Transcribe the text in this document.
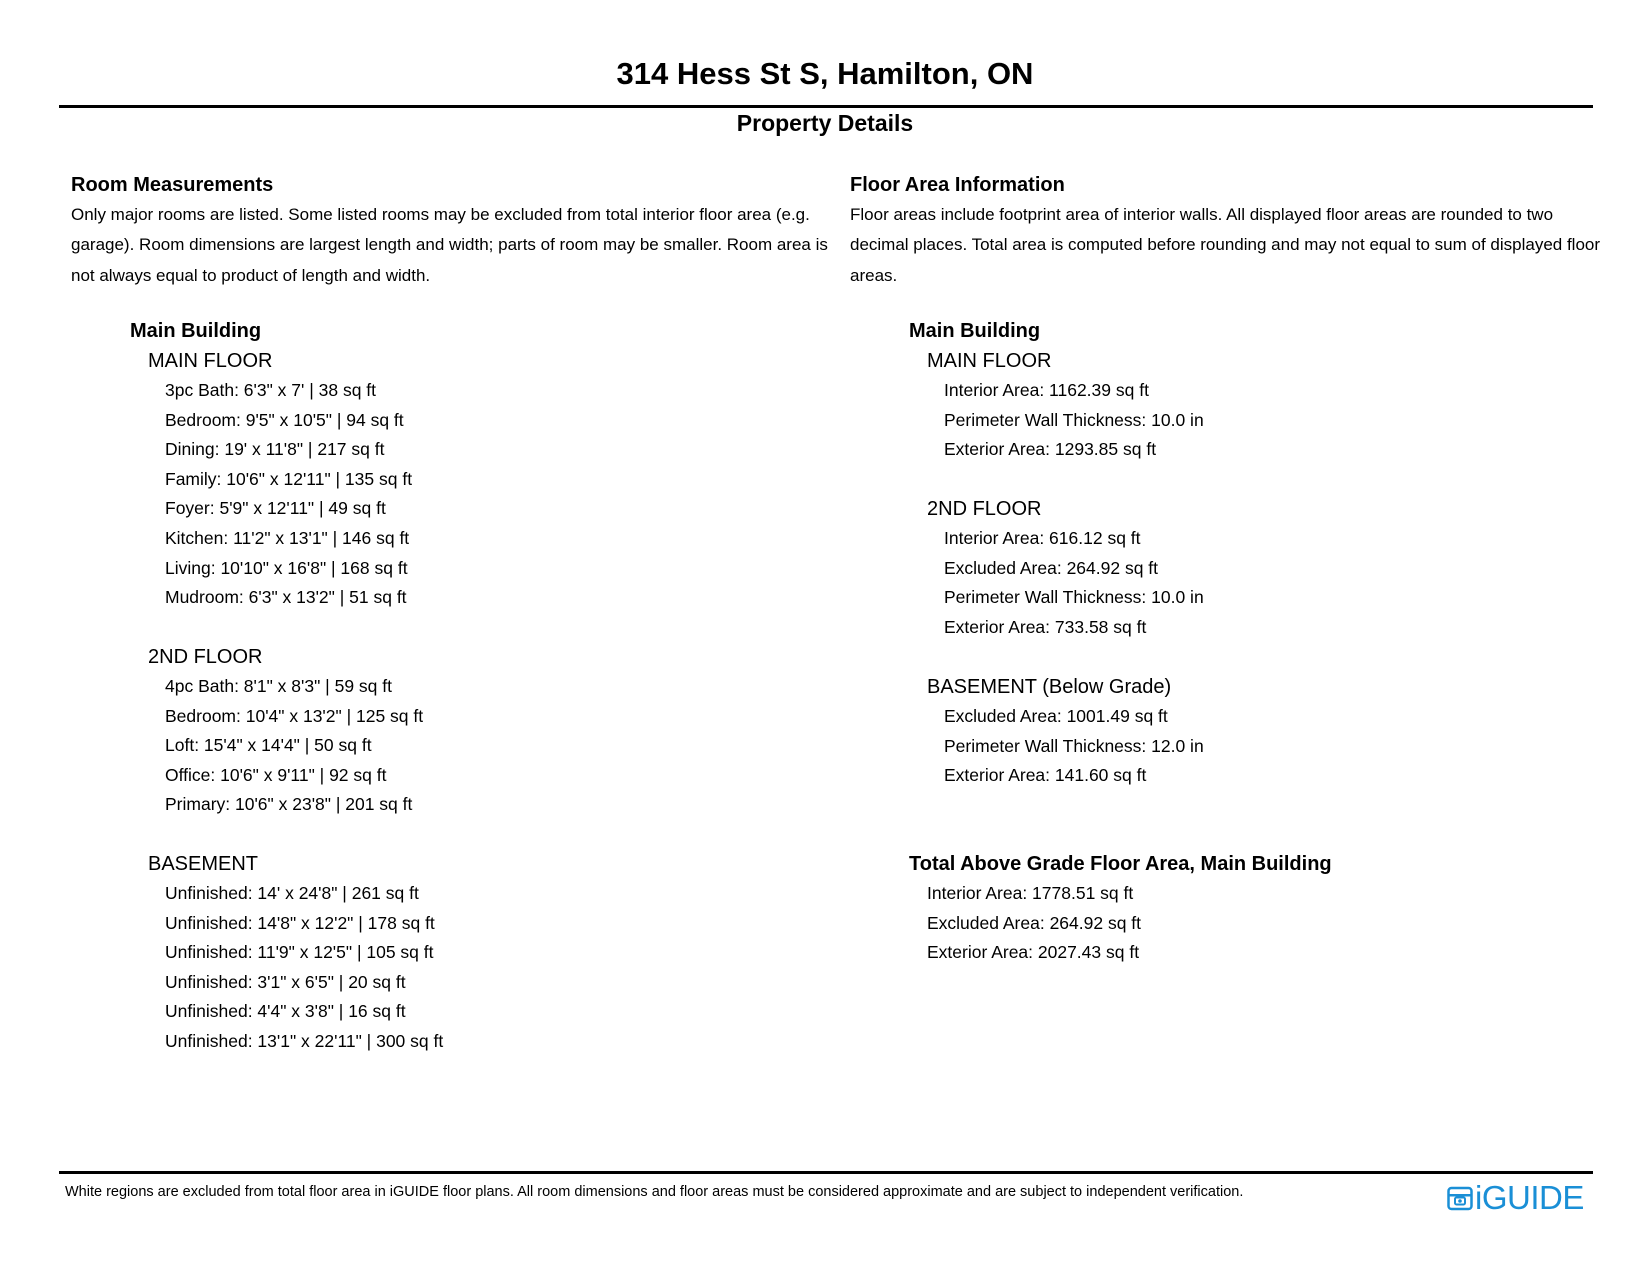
314 Hess St S, Hamilton, ON
Property Details
Room Measurements

Only major rooms are listed. Some listed rooms may be excluded from total interior floor area (e.g. garage). Room dimensions are largest length and width; parts of room may be smaller. Room area is not always equal to product of length and width.

Main Building
MAIN FLOOR
3pc Bath: 6'3" x 7' | 38 sq ft
Bedroom: 9'5" x 10'5" | 94 sq ft
Dining: 19' x 11'8" | 217 sq ft
Family: 10'6" x 12'11" | 135 sq ft
Foyer: 5'9" x 12'11" | 49 sq ft
Kitchen: 11'2" x 13'1" | 146 sq ft
Living: 10'10" x 16'8" | 168 sq ft
Mudroom: 6'3" x 13'2" | 51 sq ft
2ND FLOOR
4pc Bath: 8'1" x 8'3" | 59 sq ft
Bedroom: 10'4" x 13'2" | 125 sq ft
Loft: 15'4" x 14'4" | 50 sq ft
Office: 10'6" x 9'11" | 92 sq ft
Primary: 10'6" x 23'8" | 201 sq ft
BASEMENT
Unfinished: 14' x 24'8" | 261 sq ft
Unfinished: 14'8" x 12'2" | 178 sq ft
Unfinished: 11'9" x 12'5" | 105 sq ft
Unfinished: 3'1" x 6'5" | 20 sq ft
Unfinished: 4'4" x 3'8" | 16 sq ft
Unfinished: 13'1" x 22'11" | 300 sq ft
Floor Area Information

Floor areas include footprint area of interior walls. All displayed floor areas are rounded to two decimal places. Total area is computed before rounding and may not equal to sum of displayed floor areas.

Main Building
MAIN FLOOR
Interior Area: 1162.39 sq ft
Perimeter Wall Thickness: 10.0 in
Exterior Area: 1293.85 sq ft
2ND FLOOR
Interior Area: 616.12 sq ft
Excluded Area: 264.92 sq ft
Perimeter Wall Thickness: 10.0 in
Exterior Area: 733.58 sq ft
BASEMENT (Below Grade)
Excluded Area: 1001.49 sq ft
Perimeter Wall Thickness: 12.0 in
Exterior Area: 141.60 sq ft
Total Above Grade Floor Area, Main Building
Interior Area: 1778.51 sq ft
Excluded Area: 264.92 sq ft
Exterior Area: 2027.43 sq ft
White regions are excluded from total floor area in iGUIDE floor plans. All room dimensions and floor areas must be considered approximate and are subject to independent verification.	iGUIDE
